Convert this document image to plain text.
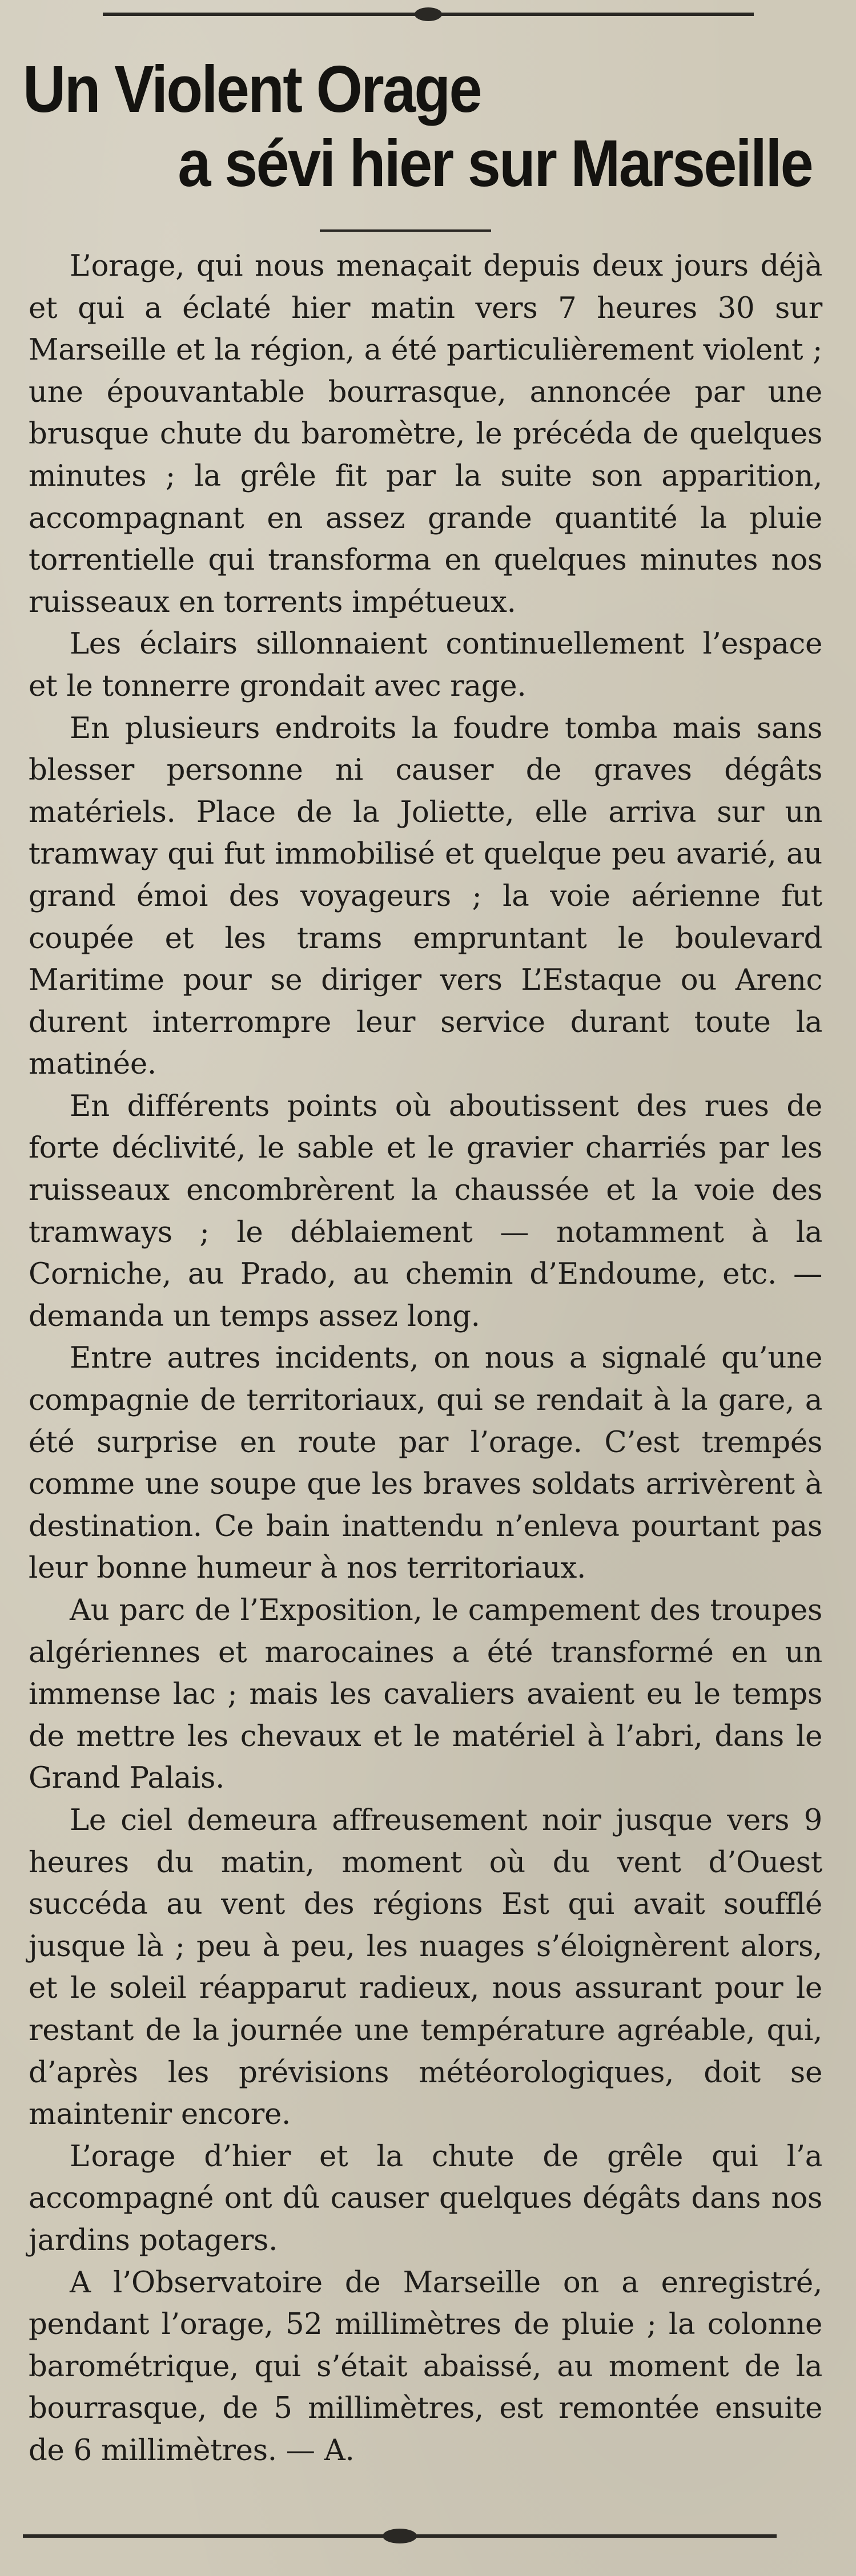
Un Violent Orage
a sévi hier sur Marseille

L’orage, qui nous menaçait depuis deux jours déjà et qui a éclaté hier matin vers 7 heures 30 sur Marseille et la région, a été particulièrement violent ; une épouvantable bourrasque, annoncée par une brusque chute du baromètre, le précéda de quelques minutes ; la grêle fit par la suite son apparition, accompagnant en assez grande quantité la pluie torrentielle qui transforma en quelques minutes nos ruisseaux en torrents impétueux.

Les éclairs sillonnaient continuellement l’espace et le tonnerre grondait avec rage.

En plusieurs endroits la foudre tomba mais sans blesser personne ni causer de graves dégâts matériels. Place de la Joliette, elle arriva sur un tramway qui fut immobilisé et quelque peu avarié, au grand émoi des voyageurs ; la voie aérienne fut coupée et les trams empruntant le boulevard Maritime pour se diriger vers L’Estaque ou Arenc durent interrompre leur service durant toute la matinée.

En différents points où aboutissent des rues de forte déclivité, le sable et le gravier charriés par les ruisseaux encombrèrent la chaussée et la voie des tramways ; le déblaiement — notamment à la Corniche, au Prado, au chemin d’Endoume, etc. — demanda un temps assez long.

Entre autres incidents, on nous a signalé qu’une compagnie de territoriaux, qui se rendait à la gare, a été surprise en route par l’orage. C’est trempés comme une soupe que les braves soldats arrivèrent à destination. Ce bain inattendu n’enleva pourtant pas leur bonne humeur à nos territoriaux.

Au parc de l’Exposition, le campement des troupes algériennes et marocaines a été transformé en un immense lac ; mais les cavaliers avaient eu le temps de mettre les chevaux et le matériel à l’abri, dans le Grand Palais.

Le ciel demeura affreusement noir jusque vers 9 heures du matin, moment où du vent d’Ouest succéda au vent des régions Est qui avait soufflé jusque là ; peu à peu, les nuages s’éloignèrent alors, et le soleil réapparut radieux, nous assurant pour le restant de la journée une température agréable, qui, d’après les prévisions météorologiques, doit se maintenir encore.

L’orage d’hier et la chute de grêle qui l’a accompagné ont dû causer quelques dégâts dans nos jardins potagers.

A l’Observatoire de Marseille on a enregistré, pendant l’orage, 52 millimètres de pluie ; la colonne barométrique, qui s’était abaissé, au moment de la bourrasque, de 5 millimètres, est remontée ensuite de 6 millimètres. — A.
